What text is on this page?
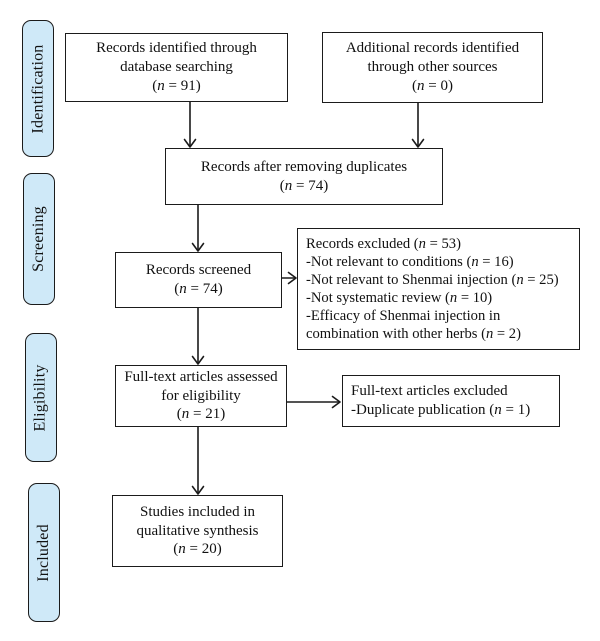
Identification
Screening
Eligibility
Included
Records identified through
database searching
(n = 91)
Additional records identified
through other sources
(n = 0)
Records after removing duplicates
(n = 74)
Records screened
(n = 74)
Records excluded (n = 53)
-Not relevant to conditions (n = 16)
-Not relevant to Shenmai injection (n = 25)
-Not systematic review (n = 10)
-Efficacy of Shenmai injection in
combination with other herbs (n = 2)
Full-text articles assessed
for eligibility
(n = 21)
Full-text articles excluded
-Duplicate publication (n = 1)
Studies included in
qualitative synthesis
(n = 20)
